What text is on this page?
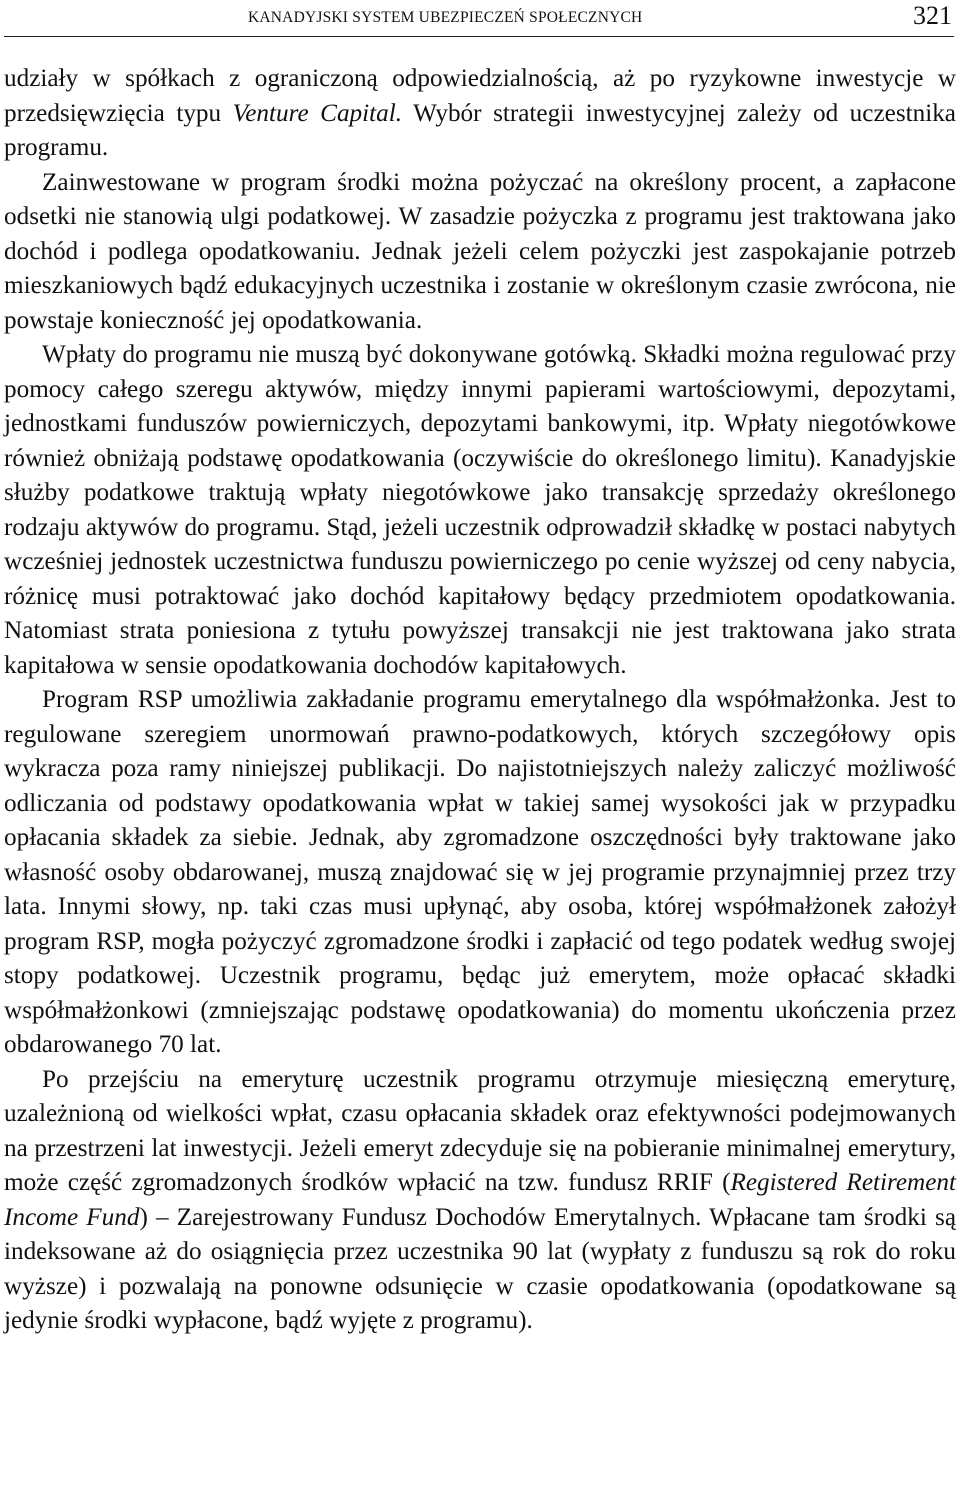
KANADYJSKI SYSTEM UBEZPIECZEŃ SPOŁECZNYCH	321

udziały w spółkach z ograniczoną odpowiedzialnością, aż po ryzykowne inwestycje w przedsięwzięcia typu Venture Capital. Wybór strategii inwestycyjnej zależy od uczestnika programu.

Zainwestowane w program środki można pożyczać na określony procent, a zapłacone odsetki nie stanowią ulgi podatkowej. W zasadzie pożyczka z programu jest traktowana jako dochód i podlega opodatkowaniu. Jednak jeżeli celem pożyczki jest zaspokajanie potrzeb mieszkaniowych bądź edukacyjnych uczestnika i zostanie w określonym czasie zwrócona, nie powstaje konieczność jej opodatkowania.

Wpłaty do programu nie muszą być dokonywane gotówką. Składki można regulować przy pomocy całego szeregu aktywów, między innymi papierami wartościowymi, depozytami, jednostkami funduszów powierniczych, depozytami bankowymi, itp. Wpłaty niegotówkowe również obniżają podstawę opodatkowania (oczywiście do określonego limitu). Kanadyjskie służby podatkowe traktują wpłaty niegotówkowe jako transakcję sprzedaży określonego rodzaju aktywów do programu. Stąd, jeżeli uczestnik odprowadził składkę w postaci nabytych wcześniej jednostek uczestnictwa funduszu powierniczego po cenie wyższej od ceny nabycia, różnicę musi potraktować jako dochód kapitałowy będący przedmiotem opodatkowania. Natomiast strata poniesiona z tytułu powyższej transakcji nie jest traktowana jako strata kapitałowa w sensie opodatkowania dochodów kapitałowych.

Program RSP umożliwia zakładanie programu emerytalnego dla współmałżonka. Jest to regulowane szeregiem unormowań prawno-podatkowych, których szczegółowy opis wykracza poza ramy niniejszej publikacji. Do najistotniejszych należy zaliczyć możliwość odliczania od podstawy opodatkowania wpłat w takiej samej wysokości jak w przypadku opłacania składek za siebie. Jednak, aby zgromadzone oszczędności były traktowane jako własność osoby obdarowanej, muszą znajdować się w jej programie przynajmniej przez trzy lata. Innymi słowy, np. taki czas musi upłynąć, aby osoba, której współmałżonek założył program RSP, mogła pożyczyć zgromadzone środki i zapłacić od tego podatek według swojej stopy podatkowej. Uczestnik programu, będąc już emerytem, może opłacać składki współmałżonkowi (zmniejszając podstawę opodatkowania) do momentu ukończenia przez obdarowanego 70 lat.

Po przejściu na emeryturę uczestnik programu otrzymuje miesięczną emeryturę, uzależnioną od wielkości wpłat, czasu opłacania składek oraz efektywności podejmowanych na przestrzeni lat inwestycji. Jeżeli emeryt zdecyduje się na pobieranie minimalnej emerytury, może część zgromadzonych środków wpłacić na tzw. fundusz RRIF (Registered Retirement Income Fund) – Zarejestrowany Fundusz Dochodów Emerytalnych. Wpłacane tam środki są indeksowane aż do osiągnięcia przez uczestnika 90 lat (wypłaty z funduszu są rok do roku wyższe) i pozwalają na ponowne odsunięcie w czasie opodatkowania (opodatkowane są jedynie środki wypłacone, bądź wyjęte z programu).
